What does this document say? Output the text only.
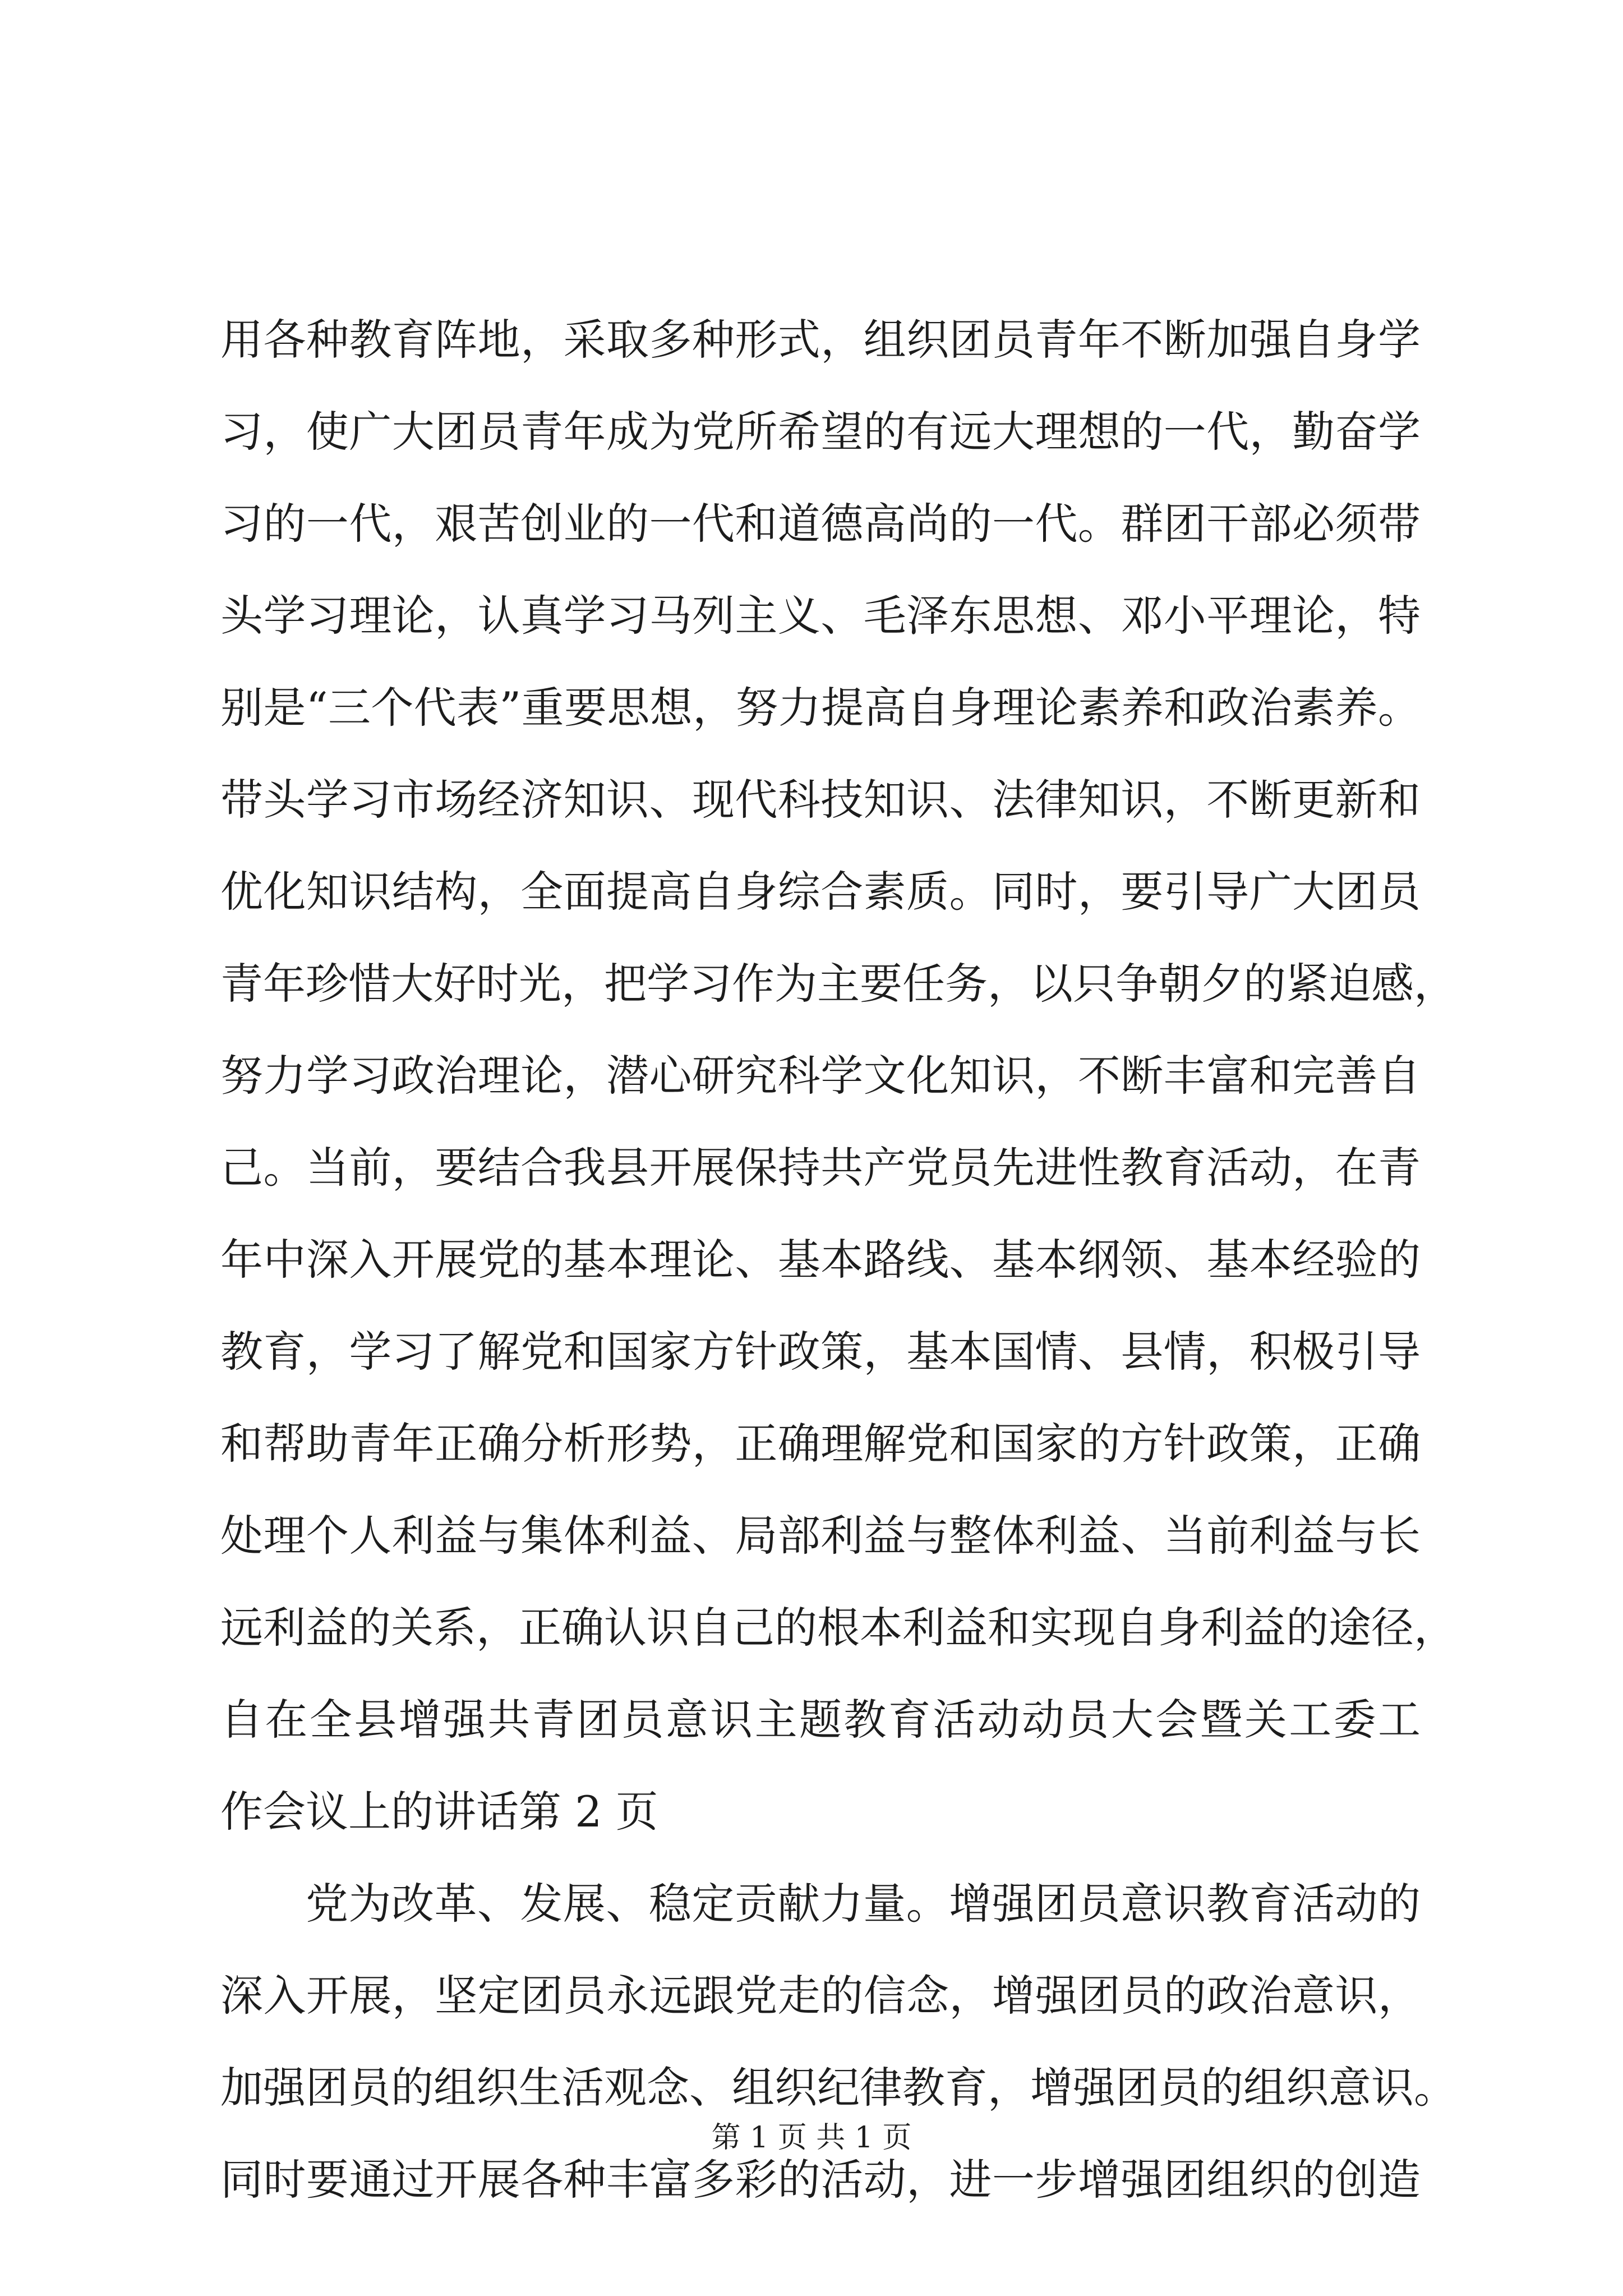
用各种教育阵地，采取多种形式，组织团员青年不断加强自身学
习，使广大团员青年成为党所希望的有远大理想的一代，勤奋学
习的一代，艰苦创业的一代和道德高尚的一代。群团干部必须带
头学习理论，认真学习马列主义、毛泽东思想、邓小平理论，特
别是“三个代表”重要思想，努力提高自身理论素养和政治素养。
带头学习市场经济知识、现代科技知识、法律知识，不断更新和
优化知识结构，全面提高自身综合素质。同时，要引导广大团员
青年珍惜大好时光，把学习作为主要任务，以只争朝夕的紧迫感，
努力学习政治理论，潜心研究科学文化知识，不断丰富和完善自
己。当前，要结合我县开展保持共产党员先进性教育活动，在青
年中深入开展党的基本理论、基本路线、基本纲领、基本经验的
教育，学习了解党和国家方针政策，基本国情、县情，积极引导
和帮助青年正确分析形势，正确理解党和国家的方针政策，正确
处理个人利益与集体利益、局部利益与整体利益、当前利益与长
远利益的关系，正确认识自己的根本利益和实现自身利益的途径，
自在全县增强共青团员意识主题教育活动动员大会暨关工委工
作会议上的讲话第 2 页
党为改革、发展、稳定贡献力量。增强团员意识教育活动的
深入开展，坚定团员永远跟党走的信念，增强团员的政治意识，
加强团员的组织生活观念、组织纪律教育，增强团员的组织意识。
同时要通过开展各种丰富多彩的活动，进一步增强团组织的创造
第 1 页 共 1 页
